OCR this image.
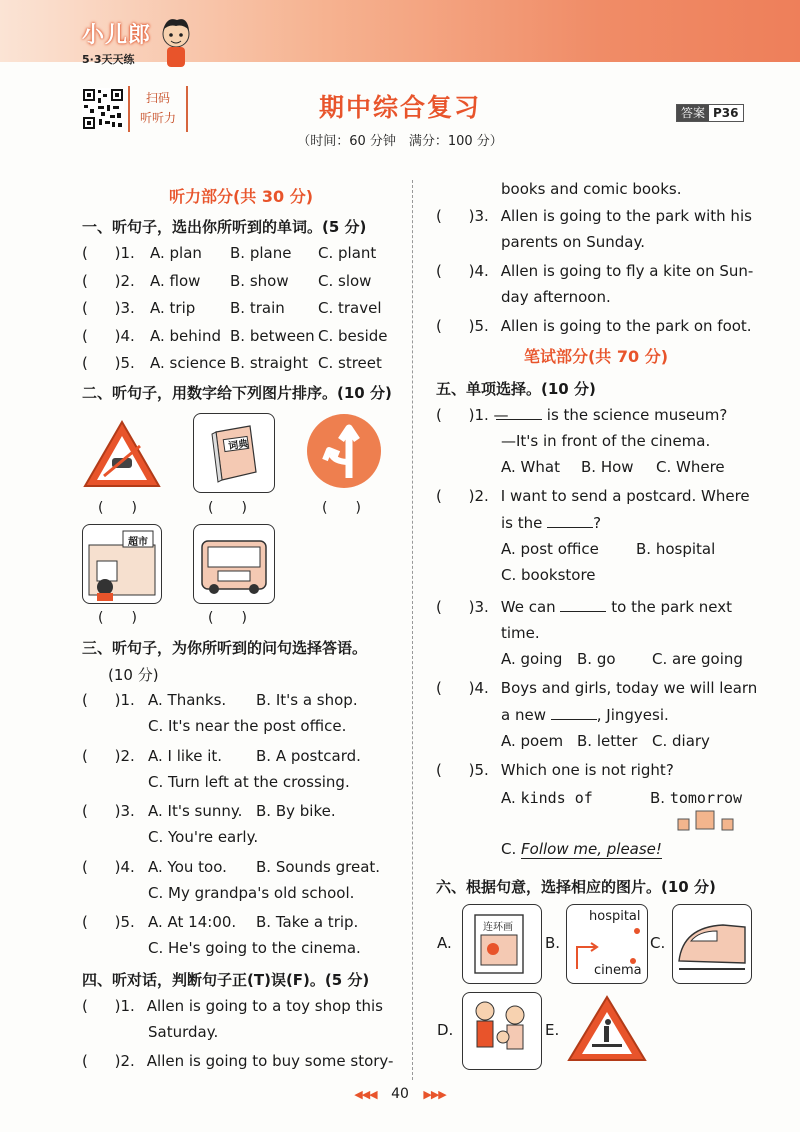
小儿郎
5·3天天练
扫码
听听力	期中综合复习
（时间：60 分钟　满分：100 分）
答案 P36
听力部分(共 30 分)
一、听句子，选出你所听到的单词。(5 分)
( )1. A. plan B. plane C. plant
( )2. A. flow B. show C. slow
( )3. A. trip B. train C. travel
( )4. A. behind B. between C. beside
( )5. A. science B. straight C. street
二、听句子，用数字给下列图片排序。(10 分)
(　　)
词典
(　　)	(　　)
超市
(　　)	(　　)
三、听句子，为你所听到的问句选择答语。
(10 分)
( )1. A. Thanks. B. It's a shop.
C. It's near the post office.
( )2. A. I like it. B. A postcard.
C. Turn left at the crossing.
( )3. A. It's sunny. B. By bike.
C. You're early.
( )4. A. You too. B. Sounds great.
C. My grandpa's old school.
( )5. A. At 14:00. B. Take a trip.
C. He's going to the cinema.
四、听对话，判断句子正(T)误(F)。(5 分)
( )1. Allen is going to a toy shop this
Saturday.
( )2. Allen is going to buy some story-
books and comic books.
( )3. Allen is going to the park with his
parents on Sunday.
( )4. Allen is going to fly a kite on Sun-
day afternoon.
( )5. Allen is going to the park on foot.
笔试部分(共 70 分)
五、单项选择。(10 分)
( )1. —	is the science museum?
—It's in front of the cinema.
A. What B. How C. Where
( )2. I want to send a postcard. Where
is the	?
A. post office B. hospital
C. bookstore
( )3. We can	to the park next
time.
A. going B. go C. are going
( )4. Boys and girls, today we will learn
a new	, Jingyesi.
A. poem B. letter C. diary
( )5. Which one is not right?
A. kinds of	B. tomorrow
C. Follow me, please!
六、根据句意，选择相应的图片。(10 分)
A.
连环画
B.
hospital
cinema
C.
D.	E.
◀◀◀ 40 ▶▶▶
